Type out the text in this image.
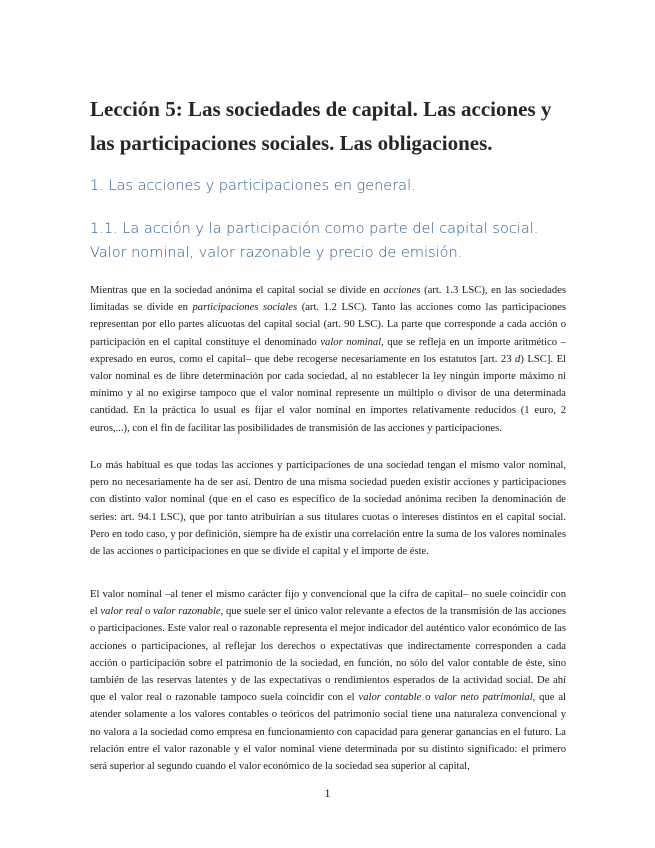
Lección 5: Las sociedades de capital. Las acciones y las participaciones sociales. Las obligaciones.
1. Las acciones y participaciones en general.
1.1. La acción y la participación como parte del capital social. Valor nominal, valor razonable y precio de emisión.

Mientras que en la sociedad anónima el capital social se divide en acciones (art. 1.3 LSC), en las sociedades limitadas se divide en participaciones sociales (art. 1.2 LSC). Tanto las acciones como las participaciones representan por ello partes alícuotas del capital social (art. 90 LSC). La parte que corresponde a cada acción o participación en el capital constituye el denominado valor nominal, que se refleja en un importe aritmético –expresado en euros, como el capital– que debe recogerse necesariamente en los estatutos [art. 23 d) LSC]. El valor nominal es de libre determinación por cada sociedad, al no establecer la ley ningún importe máximo ni mínimo y al no exigirse tampoco que el valor nominal represente un múltiplo o divisor de una determinada cantidad. En la práctica lo usual es fijar el valor nominal en importes relativamente reducidos (1 euro, 2 euros,...), con el fin de facilitar las posibilidades de transmisión de las acciones y participaciones.

Lo más habitual es que todas las acciones y participaciones de una sociedad tengan el mismo valor nominal, pero no necesariamente ha de ser así. Dentro de una misma sociedad pueden existir acciones y participaciones con distinto valor nominal (que en el caso es específico de la sociedad anónima reciben la denominación de series: art. 94.1 LSC), que por tanto atribuirían a sus titulares cuotas o intereses distintos en el capital social. Pero en todo caso, y por definición, siempre ha de existir una correlación entre la suma de los valores nominales de las acciones o participaciones en que se divide el capital y el importe de éste.

El valor nominal –al tener el mismo carácter fijo y convencional que la cifra de capital– no suele coincidir con el valor real o valor razonable, que suele ser el único valor relevante a efectos de la transmisión de las acciones o participaciones. Este valor real o razonable representa el mejor indicador del auténtico valor económico de las acciones o participaciones, al reflejar los derechos o expectativas que indirectamente corresponden a cada acción o participación sobre el patrimonio de la sociedad, en función, no sólo del valor contable de éste, sino también de las reservas latentes y de las expectativas o rendimientos esperados de la actividad social. De ahí que el valor real o razonable tampoco suela coincidir con el valor contable o valor neto patrimonial, que al atender solamente a los valores contables o teóricos del patrimonio social tiene una naturaleza convencional y no valora a la sociedad como empresa en funcionamiento con capacidad para generar ganancias en el futuro. La relación entre el valor razonable y el valor nominal viene determinada por su distinto significado: el primero será superior al segundo cuando el valor económico de la sociedad sea superior al capital,

1
